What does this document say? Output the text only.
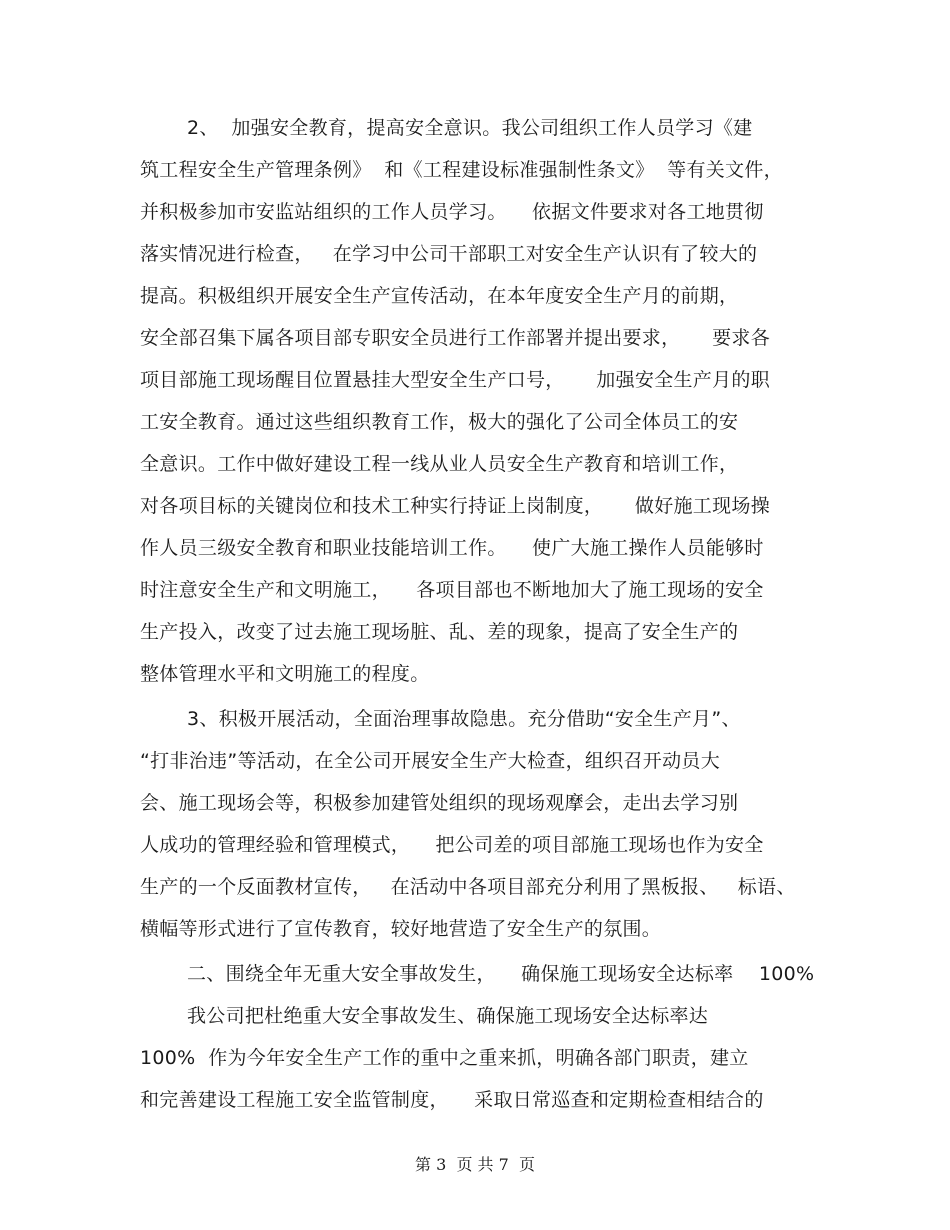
2、  加强安全教育，提高安全意识。我公司组织工作人员学习《建
筑工程安全生产管理条例》  和《工程建设标准强制性条文》  等有关文件，
并积极参加市安监站组织的工作人员学习。    依据文件要求对各工地贯彻
落实情况进行检查，   在学习中公司干部职工对安全生产认识有了较大的
提高。积极组织开展安全生产宣传活动，在本年度安全生产月的前期，
安全部召集下属各项目部专职安全员进行工作部署并提出要求，     要求各
项目部施工现场醒目位置悬挂大型安全生产口号，     加强安全生产月的职
工安全教育。通过这些组织教育工作，极大的强化了公司全体员工的安
全意识。工作中做好建设工程一线从业人员安全生产教育和培训工作，
对各项目标的关键岗位和技术工种实行持证上岗制度，     做好施工现场操
作人员三级安全教育和职业技能培训工作。    使广大施工操作人员能够时
时注意安全生产和文明施工，    各项目部也不断地加大了施工现场的安全
生产投入，改变了过去施工现场脏、乱、差的现象，提高了安全生产的
整体管理水平和文明施工的程度。
3、积极开展活动，全面治理事故隐患。充分借助“安全生产月”、
“打非治违”等活动，在全公司开展安全生产大检查，组织召开动员大
会、施工现场会等，积极参加建管处组织的现场观摩会，走出去学习别
人成功的管理经验和管理模式，    把公司差的项目部施工现场也作为安全
生产的一个反面教材宣传，   在活动中各项目部充分利用了黑板报、   标语、
横幅等形式进行了宣传教育，较好地营造了安全生产的氛围。
二、围绕全年无重大安全事故发生，    确保施工现场安全达标率    100%
我公司把杜绝重大安全事故发生、确保施工现场安全达标率达
100%  作为今年安全生产工作的重中之重来抓，明确各部门职责，建立
和完善建设工程施工安全监管制度，    采取日常巡查和定期检查相结合的
第 3  页 共 7  页
